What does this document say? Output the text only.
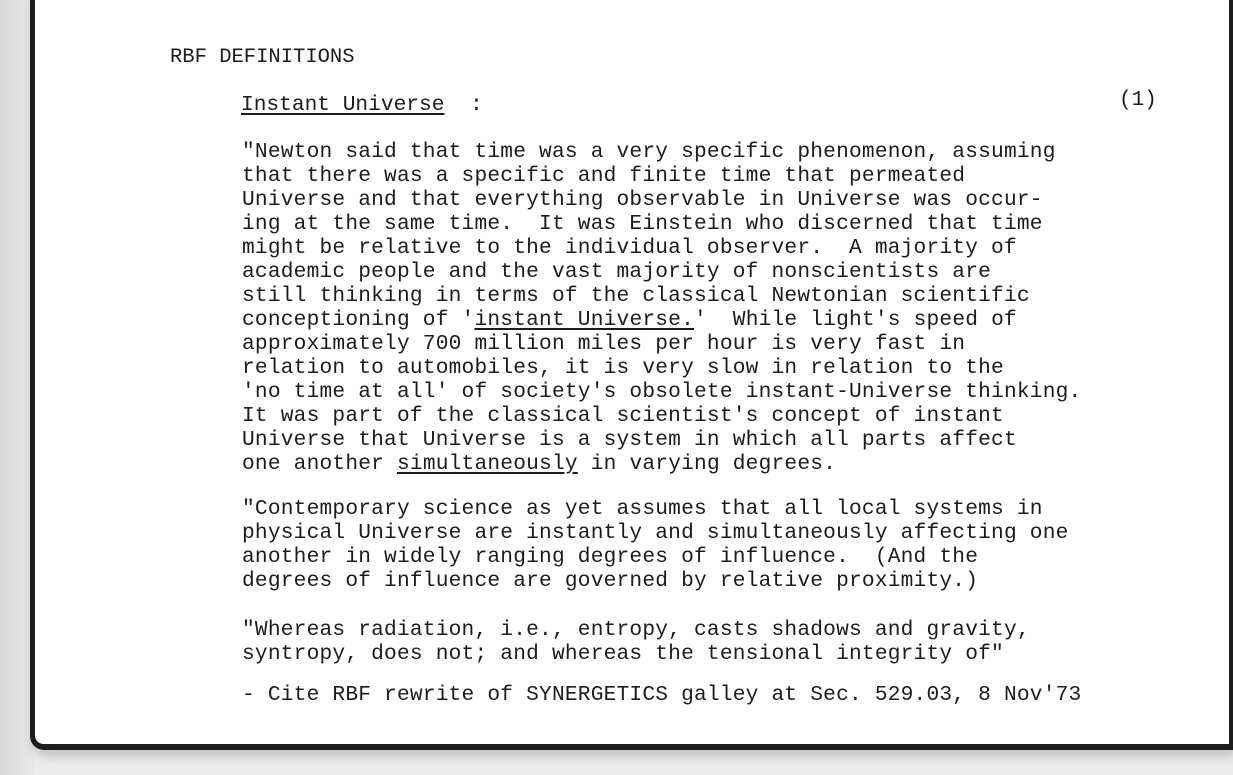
RBF DEFINITIONS
Instant Universe :	(1)
"Newton said that time was a very specific phenomenon, assuming
that there was a specific and finite time that permeated
Universe and that everything observable in Universe was occur-
ing at the same time.  It was Einstein who discerned that time
might be relative to the individual observer.  A majority of
academic people and the vast majority of nonscientists are
still thinking in terms of the classical Newtonian scientific
conceptioning of 'instant Universe.'  While light's speed of
approximately 700 million miles per hour is very fast in
relation to automobiles, it is very slow in relation to the
'no time at all' of society's obsolete instant-Universe thinking.
It was part of the classical scientist's concept of instant
Universe that Universe is a system in which all parts affect
one another simultaneously in varying degrees.
"Contemporary science as yet assumes that all local systems in
physical Universe are instantly and simultaneously affecting one
another in widely ranging degrees of influence.  (And the
degrees of influence are governed by relative proximity.)
"Whereas radiation, i.e., entropy, casts shadows and gravity,
syntropy, does not; and whereas the tensional integrity of"
- Cite RBF rewrite of SYNERGETICS galley at Sec. 529.03, 8 Nov'73
